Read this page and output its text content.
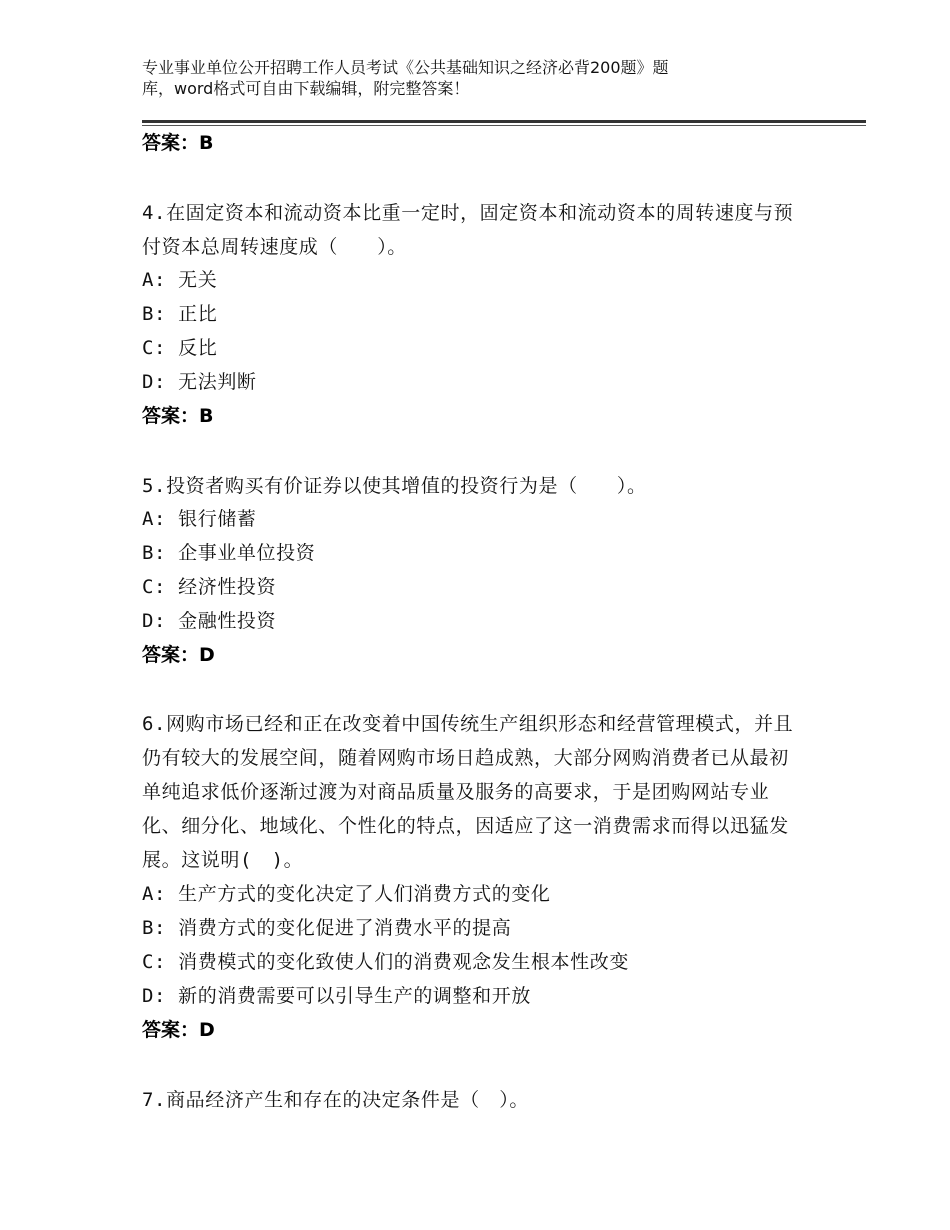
专业事业单位公开招聘工作人员考试《公共基础知识之经济必背200题》题
库，word格式可自由下载编辑，附完整答案！
答案：B
4.在固定资本和流动资本比重一定时，固定资本和流动资本的周转速度与预付资本总周转速度成（　　）。
A: 无关
B: 正比
C: 反比
D: 无法判断
答案：B
5.投资者购买有价证券以使其增值的投资行为是（　　）。
A: 银行储蓄
B: 企事业单位投资
C: 经济性投资
D: 金融性投资
答案：D
6.网购市场已经和正在改变着中国传统生产组织形态和经营管理模式，并且仍有较大的发展空间，随着网购市场日趋成熟，大部分网购消费者已从最初单纯追求低价逐渐过渡为对商品质量及服务的高要求，于是团购网站专业化、细分化、地域化、个性化的特点，因适应了这一消费需求而得以迅猛发展。这说明(　)。
A: 生产方式的变化决定了人们消费方式的变化
B: 消费方式的变化促进了消费水平的提高
C: 消费模式的变化致使人们的消费观念发生根本性改变
D: 新的消费需要可以引导生产的调整和开放
答案：D
7.商品经济产生和存在的决定条件是（　）。
